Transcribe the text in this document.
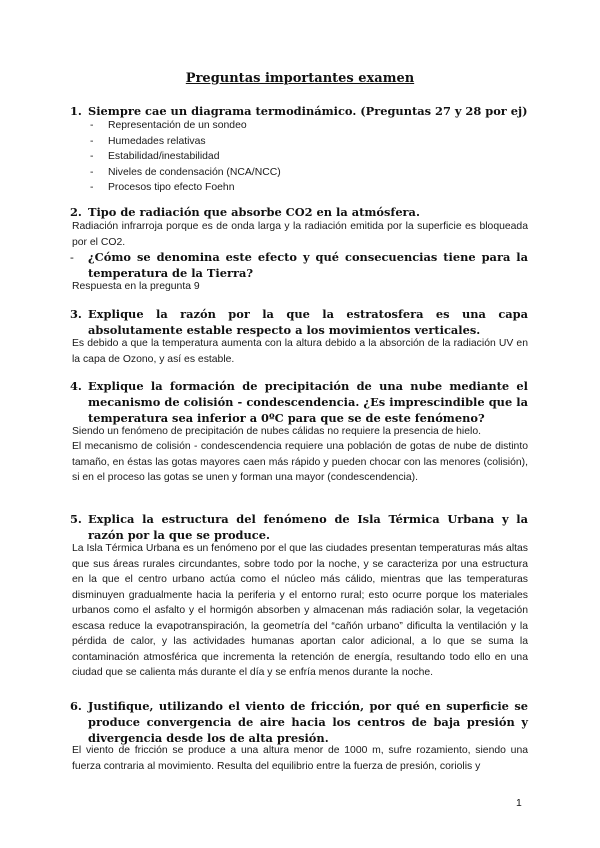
Preguntas importantes examen
1. Siempre cae un diagrama termodinámico. (Preguntas 27 y 28 por ej)
- Representación de un sondeo
- Humedades relativas
- Estabilidad/inestabilidad
- Niveles de condensación (NCA/NCC)
- Procesos tipo efecto Foehn
2. Tipo de radiación que absorbe CO2 en la atmósfera.
Radiación infrarroja porque es de onda larga y la radiación emitida por la superficie es bloqueada por el CO2.
- ¿Cómo se denomina este efecto y qué consecuencias tiene para la temperatura de la Tierra?
Respuesta en la pregunta 9
3. Explique la razón por la que la estratosfera es una capa absolutamente estable respecto a los movimientos verticales.
Es debido a que la temperatura aumenta con la altura debido a la absorción de la radiación UV en la capa de Ozono, y así es estable.
4. Explique la formación de precipitación de una nube mediante el mecanismo de colisión - condescendencia. ¿Es imprescindible que la temperatura sea inferior a 0ºC para que se de este fenómeno?
Siendo un fenómeno de precipitación de nubes cálidas no requiere la presencia de hielo.
El mecanismo de colisión - condescendencia requiere una población de gotas de nube de distinto tamaño, en éstas las gotas mayores caen más rápido y pueden chocar con las menores (colisión), si en el proceso las gotas se unen y forman una mayor (condescendencia).
5. Explica la estructura del fenómeno de Isla Térmica Urbana y la razón por la que se produce.
La Isla Térmica Urbana es un fenómeno por el que las ciudades presentan temperaturas más altas que sus áreas rurales circundantes, sobre todo por la noche, y se caracteriza por una estructura en la que el centro urbano actúa como el núcleo más cálido, mientras que las temperaturas disminuyen gradualmente hacia la periferia y el entorno rural; esto ocurre porque los materiales urbanos como el asfalto y el hormigón absorben y almacenan más radiación solar, la vegetación escasa reduce la evapotranspiración, la geometría del “cañón urbano” dificulta la ventilación y la pérdida de calor, y las actividades humanas aportan calor adicional, a lo que se suma la contaminación atmosférica que incrementa la retención de energía, resultando todo ello en una ciudad que se calienta más durante el día y se enfría menos durante la noche.
6. Justifique, utilizando el viento de fricción, por qué en superficie se produce convergencia de aire hacia los centros de baja presión y divergencia desde los de alta presión.
El viento de fricción se produce a una altura menor de 1000 m, sufre rozamiento, siendo una fuerza contraria al movimiento. Resulta del equilibrio entre la fuerza de presión, coriolis y
1
